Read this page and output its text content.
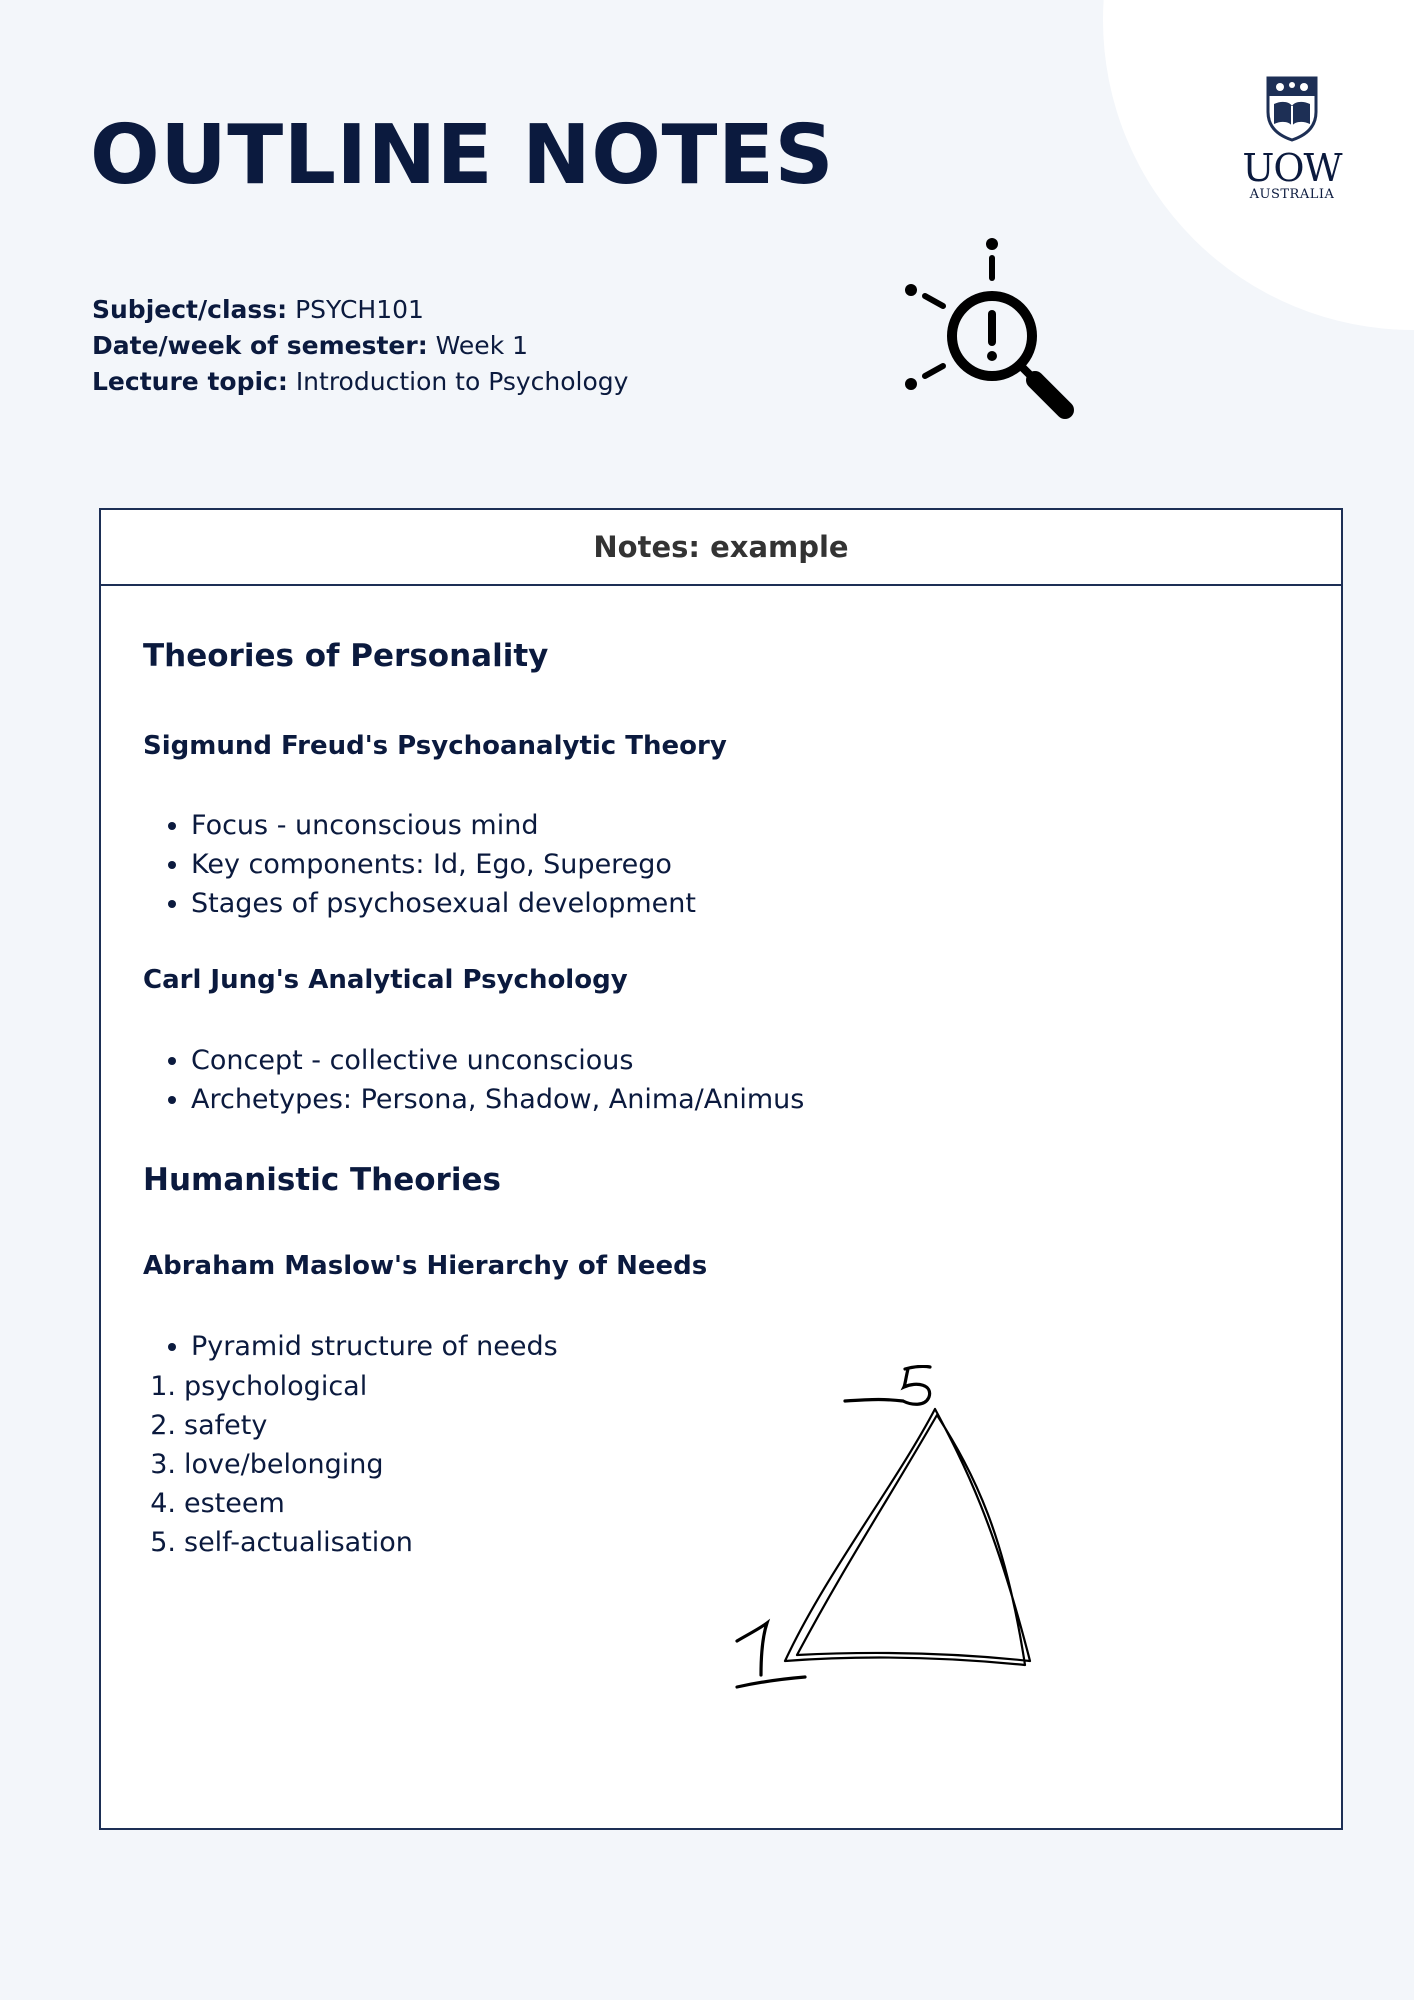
UOW
AUSTRALIA
OUTLINE NOTES
Subject/class: PSYCH101
Date/week of semester: Week 1
Lecture topic: Introduction to Psychology
Notes: example
Theories of Personality
Sigmund Freud's Psychoanalytic Theory
• Focus - unconscious mind
• Key components: Id, Ego, Superego
• Stages of psychosexual development
Carl Jung's Analytical Psychology
• Concept - collective unconscious
• Archetypes: Persona, Shadow, Anima/Animus
Humanistic Theories
Abraham Maslow's Hierarchy of Needs
• Pyramid structure of needs
1. psychological
2. safety
3. love/belonging
4. esteem
5. self-actualisation
5
1
